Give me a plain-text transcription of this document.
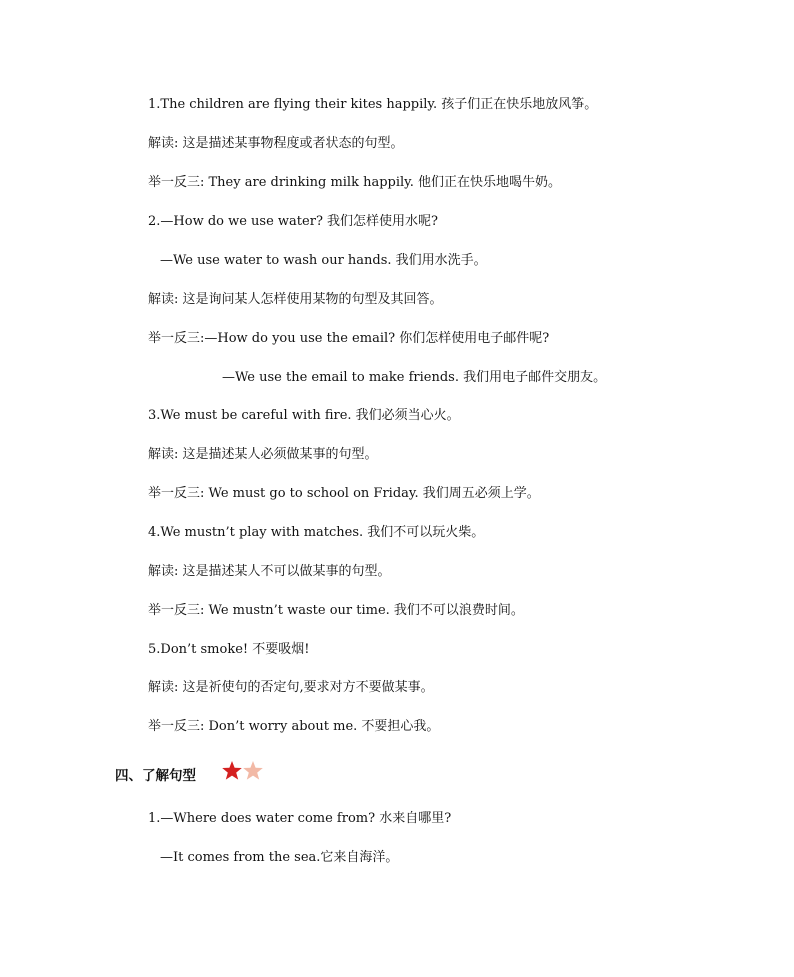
1.The children are flying their kites happily. 孩子们正在快乐地放风筝。
解读: 这是描述某事物程度或者状态的句型。
举一反三: They are drinking milk happily. 他们正在快乐地喝牛奶。
2.—How do we use water? 我们怎样使用水呢?
—We use water to wash our hands. 我们用水洗手。
解读: 这是询问某人怎样使用某物的句型及其回答。
举一反三:—How do you use the email? 你们怎样使用电子邮件呢?
—We use the email to make friends. 我们用电子邮件交朋友。
3.We must be careful with fire. 我们必须当心火。
解读: 这是描述某人必须做某事的句型。
举一反三: We must go to school on Friday. 我们周五必须上学。
4.We mustn’t play with matches. 我们不可以玩火柴。
解读: 这是描述某人不可以做某事的句型。
举一反三: We mustn’t waste our time. 我们不可以浪费时间。
5.Don’t smoke! 不要吸烟!
解读: 这是祈使句的否定句,要求对方不要做某事。
举一反三: Don’t worry about me. 不要担心我。
四、了解句型
1.—Where does water come from? 水来自哪里?
—It comes from the sea.它来自海洋。
